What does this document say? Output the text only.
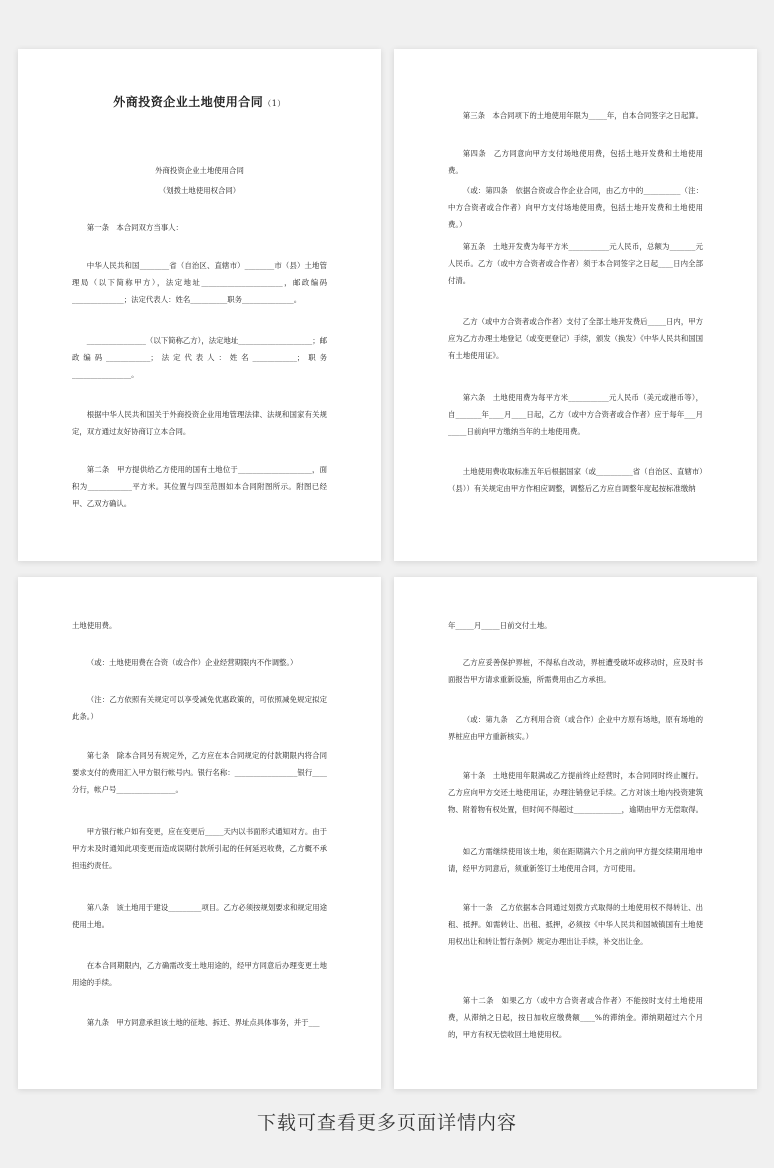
外商投资企业土地使用合同（1）
外商投资企业土地使用合同
（划拨土地使用权合同）
第一条　本合同双方当事人：
中华人民共和国________省（自治区、直辖市）________市（县）土地管理局（以下简称甲方），法定地址______________________，邮政编码______________；法定代表人：姓名__________职务______________。
________________（以下简称乙方），法定地址____________________；邮政编码____________；法定代表人：姓名____________；职务________________。
根据中华人民共和国关于外商投资企业用地管理法律、法规和国家有关规定，双方通过友好协商订立本合同。
第二条　甲方提供给乙方使用的国有土地位于____________________，面积为____________平方米。其位置与四至范围如本合同附图所示。附图已经甲、乙双方确认。
第三条　本合同项下的土地使用年限为_____年，自本合同签字之日起算。
第四条　乙方同意向甲方支付场地使用费，包括土地开发费和土地使用费。
（或：第四条　依据合资或合作企业合同，由乙方中的__________（注：中方合资者或合作者）向甲方支付场地使用费，包括土地开发费和土地使用费。）
第五条　土地开发费为每平方米___________元人民币，总额为_______元人民币。乙方（或中方合资者或合作者）须于本合同签字之日起____日内全部付清。
乙方（或中方合资者或合作者）支付了全部土地开发费后_____日内，甲方应为乙方办理土地登记（或变更登记）手续，颁发（换发）《中华人民共和国国有土地使用证》。
第六条　土地使用费为每平方米___________元人民币（美元或港币等），自_______年____月____日起，乙方（或中方合资者或合作者）应于每年___月_____日前向甲方缴纳当年的土地使用费。
土地使用费收取标准五年后根据国家（或__________省（自治区、直辖市）（县））有关规定由甲方作相应调整，调整后乙方应自调整年度起按标准缴纳
土地使用费。
（或：土地使用费在合资（或合作）企业经营期限内不作调整。）
（注：乙方依照有关规定可以享受减免优惠政策的，可依照减免规定拟定此条。）
第七条　除本合同另有规定外，乙方应在本合同规定的付款期限内将合同要求支付的费用汇入甲方银行帐号内。银行名称：_________________银行____分行，帐户号________________。
甲方银行帐户如有变更，应在变更后_____天内以书面形式通知对方。由于甲方未及时通知此项变更而造成误期付款所引起的任何延迟收费，乙方概不承担违约责任。
第八条　该土地用于建设_________项目。乙方必须按规划要求和规定用途使用土地。
在本合同期限内，乙方确需改变土地用途的，经甲方同意后办理变更土地用途的手续。
第九条　甲方同意承担该土地的征地、拆迁、界址点具体事务，并于___
年_____月_____日前交付土地。
乙方应妥善保护界桩，不得私自改动，界桩遭受破坏或移动时，应及时书面报告甲方请求重新设施，所需费用由乙方承担。
（或：第九条　乙方利用合资（或合作）企业中方原有场地，原有场地的界桩应由甲方重新核实。）
第十条　土地使用年限满或乙方提前终止经营时，本合同同时终止履行。乙方应向甲方交还土地使用证，办理注销登记手续。乙方对该土地内投资建筑物、附着物有权处置，但时间不得超过_____________，逾期由甲方无偿取得。
如乙方需继续使用该土地，须在距期满六个月之前向甲方提交续期用地申请，经甲方同意后，须重新签订土地使用合同，方可使用。
第十一条　乙方依据本合同通过划拨方式取得的土地使用权不得转让、出租、抵押。如需转让、出租、抵押，必须按《中华人民共和国城镇国有土地使用权出让和转让暂行条例》规定办理出让手续，补交出让金。
第十二条　如果乙方（或中方合资者或合作者）不能按时支付土地使用费，从滞纳之日起，按日加收应缴费额____%的滞纳金。滞纳期超过六个月的，甲方有权无偿收回土地使用权。
下载可查看更多页面详情内容
